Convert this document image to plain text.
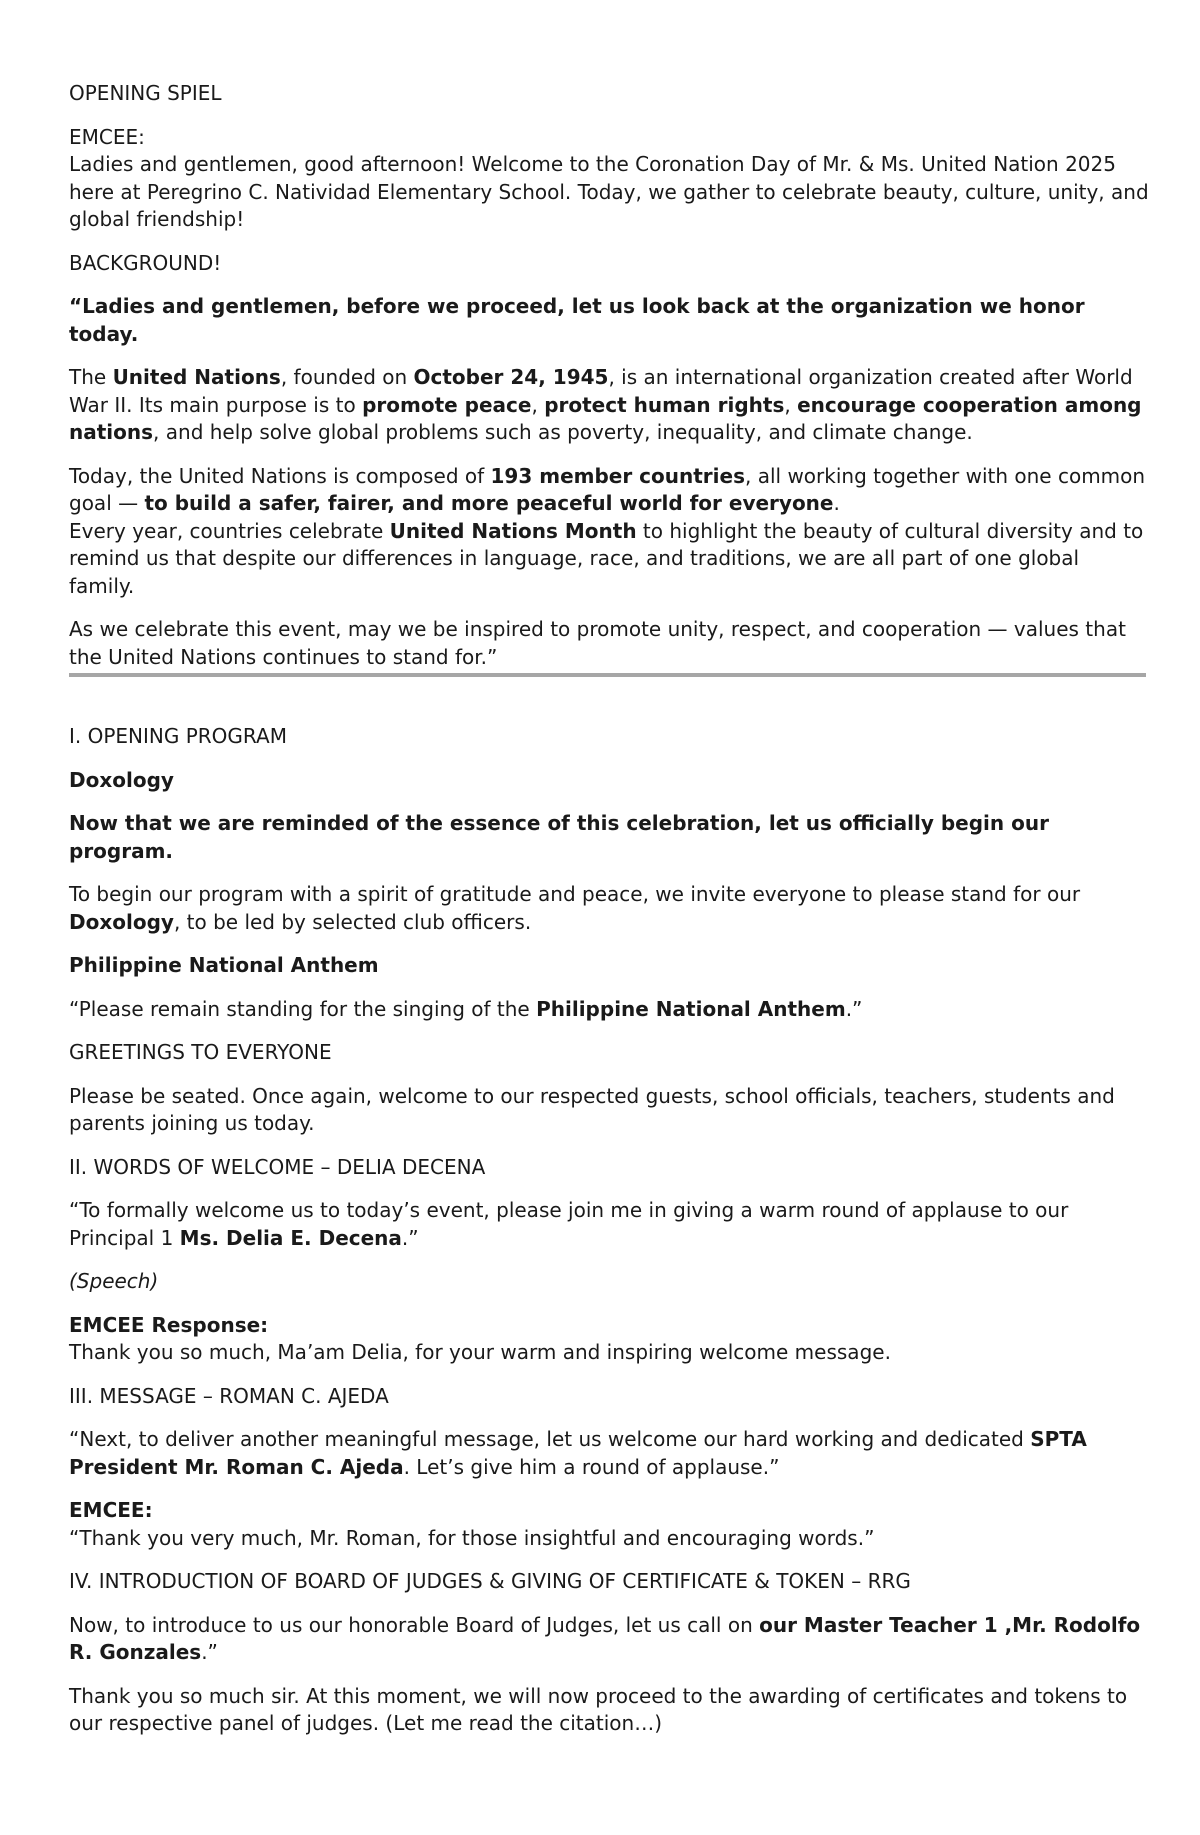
OPENING SPIEL

EMCEE:

Ladies and gentlemen, good afternoon! Welcome to the Coronation Day of Mr. & Ms. United Nation 2025 here at Peregrino C. Natividad Elementary School. Today, we gather to celebrate beauty, culture, unity, and global friendship!

BACKGROUND!

“Ladies and gentlemen, before we proceed, let us look back at the organization we honor today.

The United Nations, founded on October 24, 1945, is an international organization created after World War II. Its main purpose is to promote peace, protect human rights, encourage cooperation among nations, and help solve global problems such as poverty, inequality, and climate change.

Today, the United Nations is composed of 193 member countries, all working together with one common goal — to build a safer, fairer, and more peaceful world for everyone.

Every year, countries celebrate United Nations Month to highlight the beauty of cultural diversity and to remind us that despite our differences in language, race, and traditions, we are all part of one global family.

As we celebrate this event, may we be inspired to promote unity, respect, and cooperation — values that the United Nations continues to stand for.”

I. OPENING PROGRAM

Doxology

Now that we are reminded of the essence of this celebration, let us officially begin our program.

To begin our program with a spirit of gratitude and peace, we invite everyone to please stand for our Doxology, to be led by selected club officers.

Philippine National Anthem

“Please remain standing for the singing of the Philippine National Anthem.”

GREETINGS TO EVERYONE

Please be seated. Once again, welcome to our respected guests, school officials, teachers, students and parents joining us today.

II. WORDS OF WELCOME – DELIA DECENA

“To formally welcome us to today’s event, please join me in giving a warm round of applause to our Principal 1 Ms. Delia E. Decena.”

(Speech)

EMCEE Response:

Thank you so much, Ma’am Delia, for your warm and inspiring welcome message.

III. MESSAGE – ROMAN C. AJEDA

“Next, to deliver another meaningful message, let us welcome our hard working and dedicated SPTA President Mr. Roman C. Ajeda. Let’s give him a round of applause.”

EMCEE:

“Thank you very much, Mr. Roman, for those insightful and encouraging words.”

IV. INTRODUCTION OF BOARD OF JUDGES & GIVING OF CERTIFICATE & TOKEN – RRG

Now, to introduce to us our honorable Board of Judges, let us call on our Master Teacher 1 ,Mr. Rodolfo R. Gonzales.”

Thank you so much sir. At this moment, we will now proceed to the awarding of certificates and tokens to our respective panel of judges. (Let me read the citation…)
